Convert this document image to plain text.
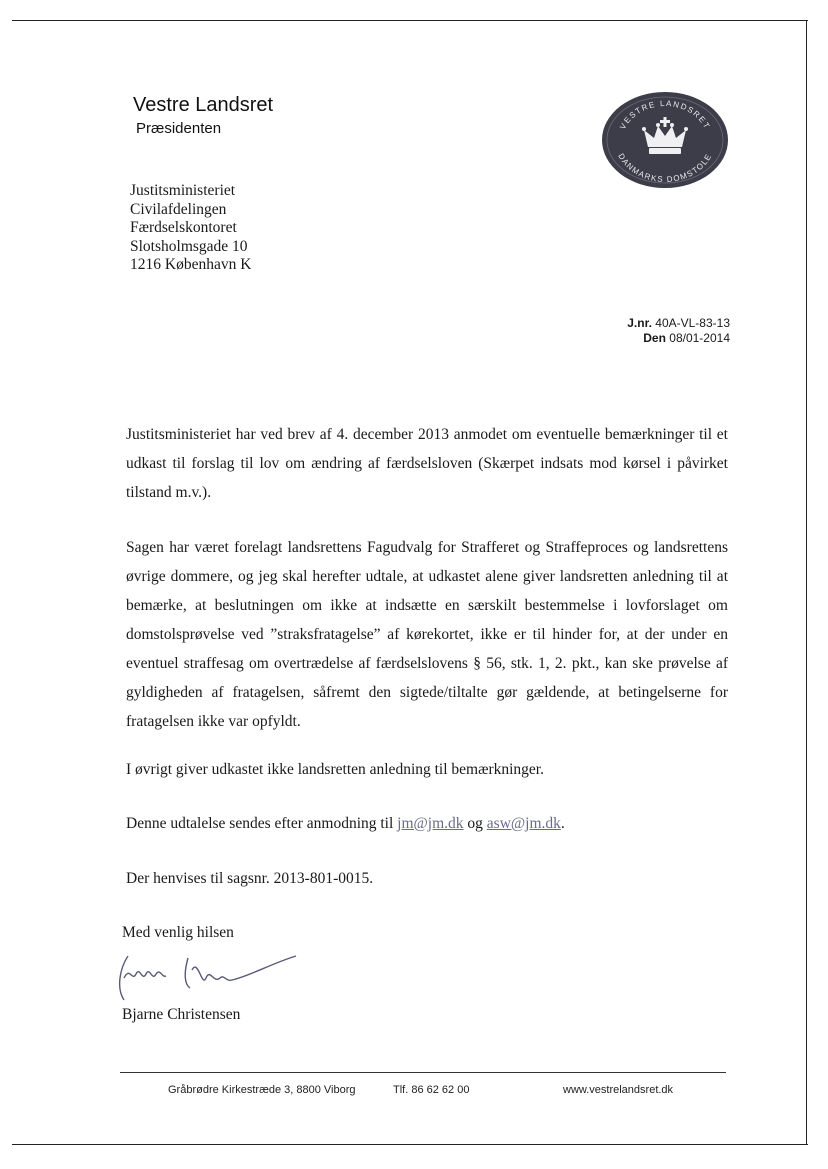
Vestre Landsret
Præsidenten	VESTRE LANDSRET
DANMARKS DOMSTOLE
Justitsministeriet
Civilafdelingen
Færdselskontoret
Slotsholmsgade 10
1216 København K
J.nr. 40A-VL-83-13
Den 08/01-2014
Justitsministeriet har ved brev af 4. december 2013 anmodet om eventuelle bemærkninger til et udkast til forslag til lov om ændring af færdselsloven (Skærpet indsats mod kørsel i påvirket tilstand m.v.).
Sagen har været forelagt landsrettens Fagudvalg for Strafferet og Straffeproces og landsrettens øvrige dommere, og jeg skal herefter udtale, at udkastet alene giver landsretten anledning til at bemærke, at beslutningen om ikke at indsætte en særskilt bestemmelse i lovforslaget om domstolsprøvelse ved ”straksfratagelse” af kørekortet, ikke er til hinder for, at der under en eventuel straffesag om overtrædelse af færdselslovens § 56, stk. 1, 2. pkt., kan ske prøvelse af gyldigheden af fratagelsen, såfremt den sigtede/tiltalte gør gældende, at betingelserne for fratagelsen ikke var opfyldt.
I øvrigt giver udkastet ikke landsretten anledning til bemærkninger.
Denne udtalelse sendes efter anmodning til jm@jm.dk og asw@jm.dk.
Der henvises til sagsnr. 2013-801-0015.
Med venlig hilsen
Bjarne Christensen
Gråbrødre Kirkestræde 3, 8800 Viborg	Tlf. 86 62 62 00	www.vestrelandsret.dk
